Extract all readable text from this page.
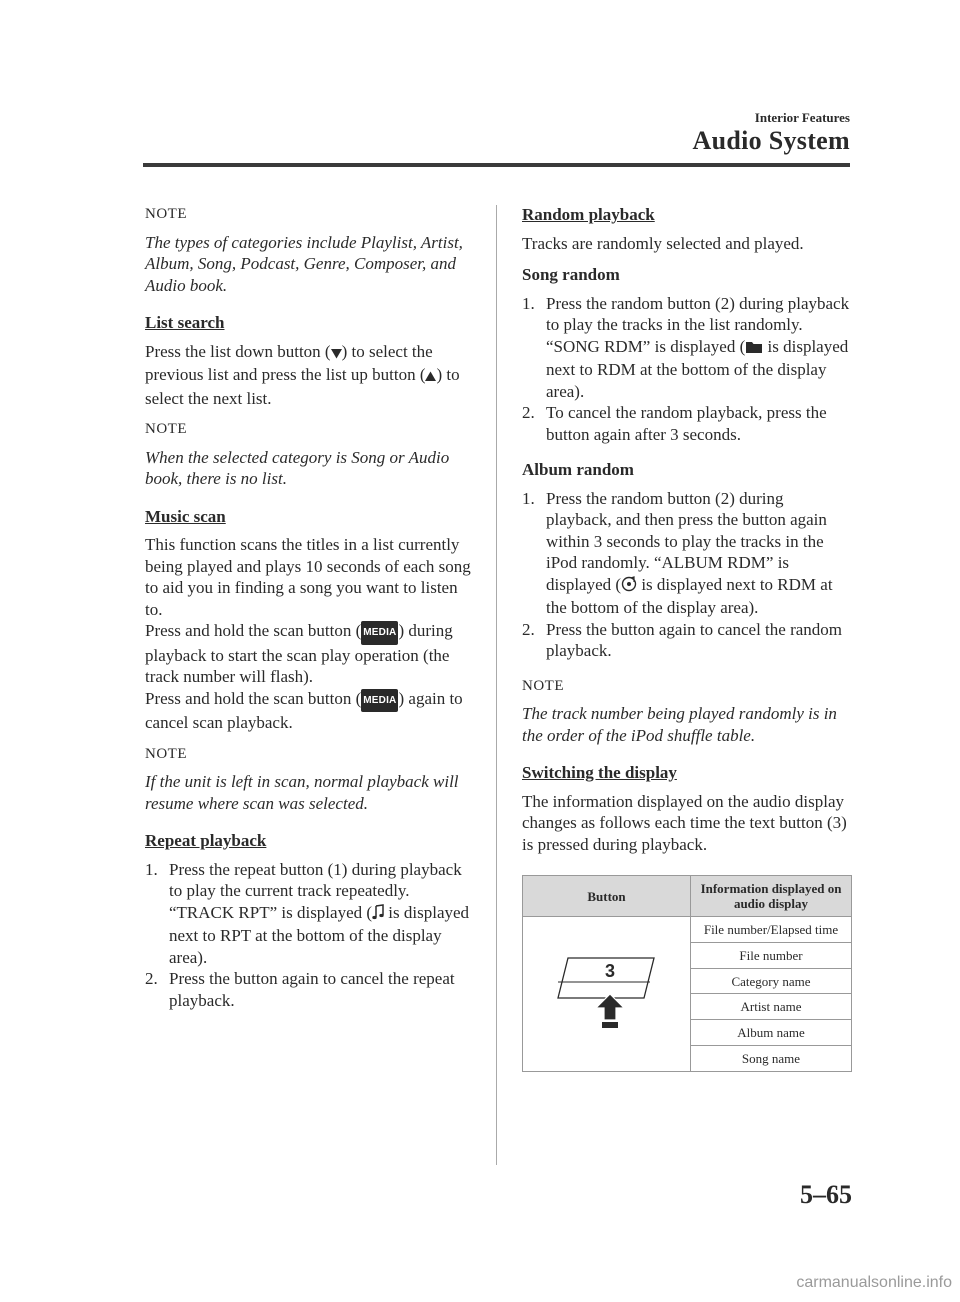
Interior Features
Audio System
NOTE
The types of categories include Playlist, Artist, Album, Song, Podcast, Genre, Composer, and Audio book.
List search

Press the list down button ( ) to select the previous list and press the list up button ( ) to select the next list.

NOTE
When the selected category is Song or Audio book, there is no list.
Music scan
This function scans the titles in a list currently being played and plays 10 seconds of each song to aid you in finding a song you want to listen to.
Press and hold the scan button ( MEDIA ) during playback to start the scan play operation (the track number will flash).

Press and hold the scan button ( MEDIA ) again to cancel scan playback.

NOTE
If the unit is left in scan, normal playback will resume where scan was selected.
Repeat playback
1. Press the repeat button (1) during playback to play the current track repeatedly. “TRACK RPT” is displayed ( is displayed next to RPT at the bottom of the display area).
2. Press the button again to cancel the repeat playback.
Random playback

Tracks are randomly selected and played.

Song random
1. Press the random button (2) during playback to play the tracks in the list randomly. “SONG RDM” is displayed ( is displayed next to RDM at the bottom of the display area).
2. To cancel the random playback, press the button again after 3 seconds.
Album random
1. Press the random button (2) during playback, and then press the button again within 3 seconds to play the tracks in the iPod randomly. “ALBUM RDM” is displayed ( is displayed next to RDM at the bottom of the display area).
2. Press the button again to cancel the random playback.
NOTE
The track number being played randomly is in the order of the iPod shuffle table.
Switching the display
The information displayed on the audio display changes as follows each time the text button (3) is pressed during playback.
Button	Information displayed on audio display

3	File number/Elapsed time
	File number
	Category name
	Artist name
	Album name
	Song name
5–65
carmanualsonline.info
